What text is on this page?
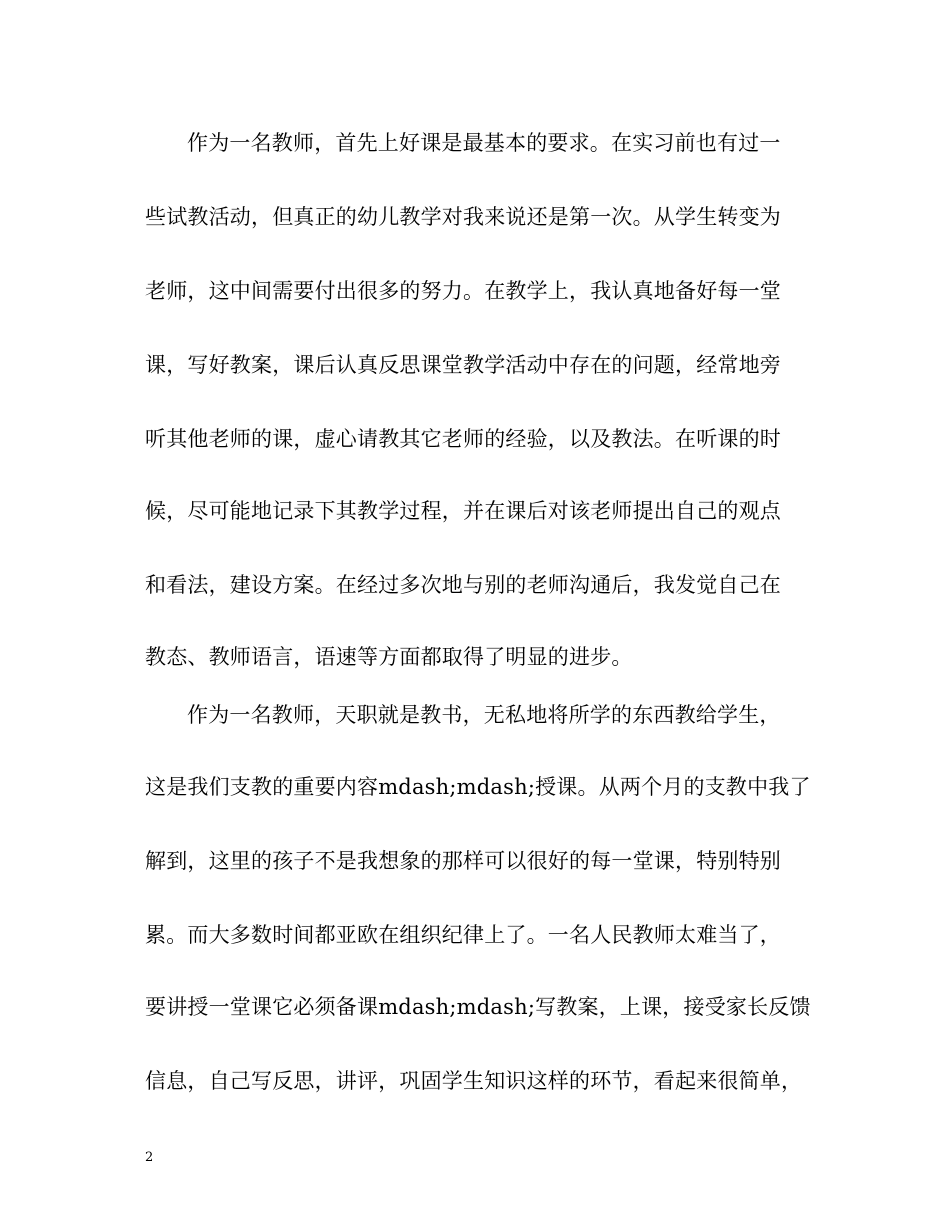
作为一名教师，首先上好课是最基本的要求。在实习前也有过一
些试教活动，但真正的幼儿教学对我来说还是第一次。从学生转变为
老师，这中间需要付出很多的努力。在教学上，我认真地备好每一堂
课，写好教案，课后认真反思课堂教学活动中存在的问题，经常地旁
听其他老师的课，虚心请教其它老师的经验，以及教法。在听课的时
候，尽可能地记录下其教学过程，并在课后对该老师提出自己的观点
和看法，建设方案。在经过多次地与别的老师沟通后，我发觉自己在
教态、教师语言，语速等方面都取得了明显的进步。
作为一名教师，天职就是教书，无私地将所学的东西教给学生，
这是我们支教的重要内容mdash;mdash;授课。从两个月的支教中我了
解到，这里的孩子不是我想象的那样可以很好的每一堂课，特别特别
累。而大多数时间都亚欧在组织纪律上了。一名人民教师太难当了，
要讲授一堂课它必须备课mdash;mdash;写教案，上课，接受家长反馈
信息，自己写反思，讲评，巩固学生知识这样的环节，看起来很简单，
2
